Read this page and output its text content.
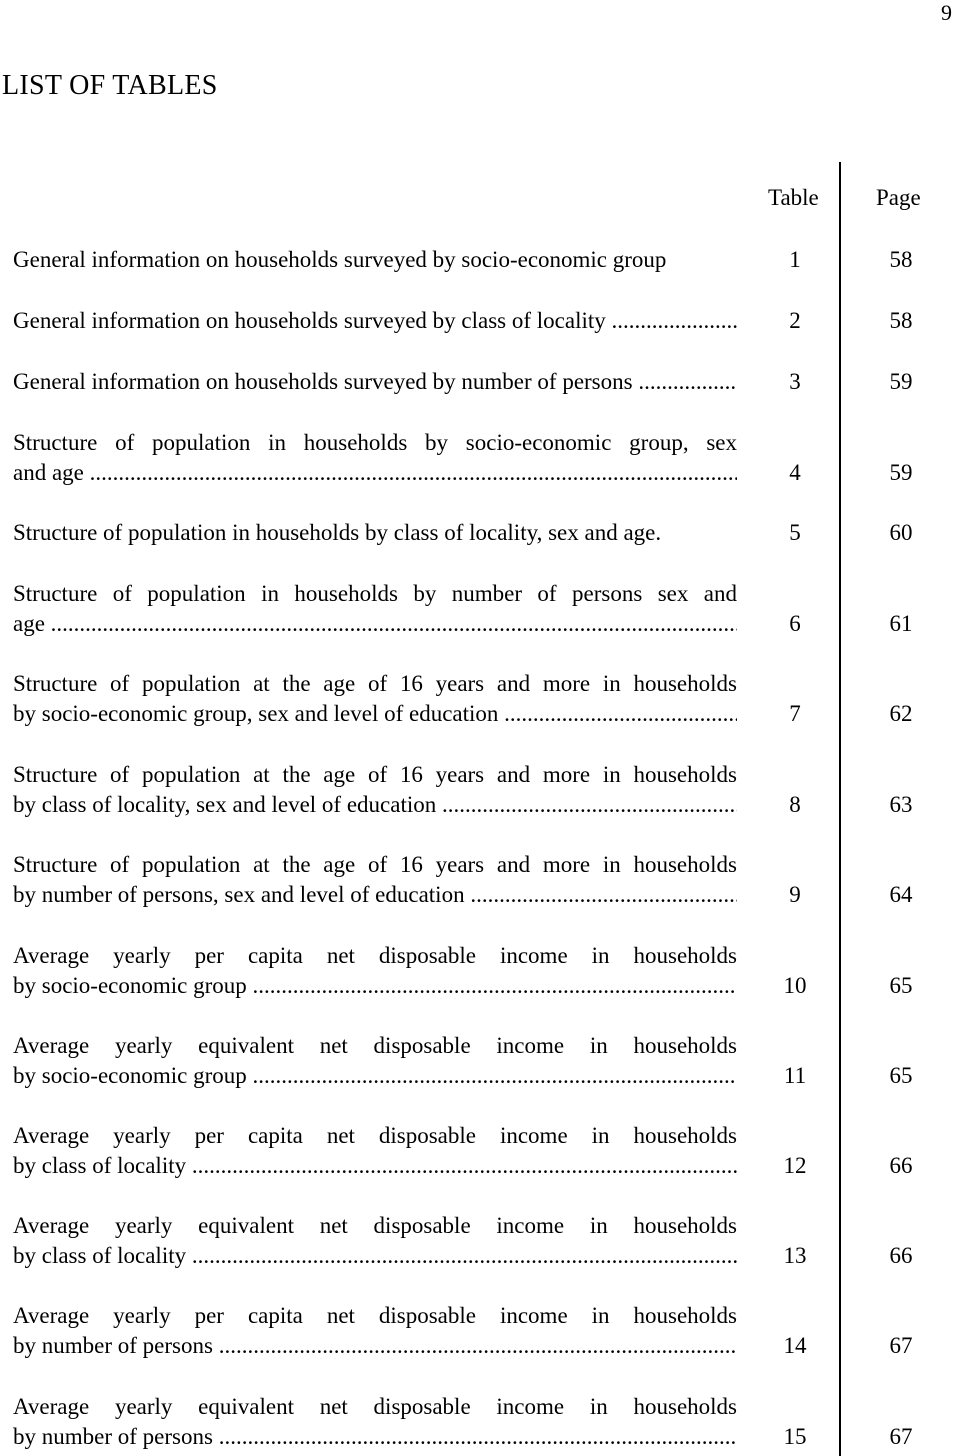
9
LIST OF TABLES
Table Page
General information on households surveyed by socio-economic group	1	58
General information on households surveyed by class of locality .....	2	58
General information on households surveyed by number of persons .....	3	59
Structure of population in households by socio-economic group, sex
and age .....	4	59
Structure of population in households by class of locality, sex and age.	5	60
Structure of population in households by number of persons sex and
age .....	6	61
Structure of population at the age of 16 years and more in households
by socio-economic group, sex and level of education .....	7	62
Structure of population at the age of 16 years and more in households
by class of locality, sex and level of education .....	8	63
Structure of population at the age of 16 years and more in households
by number of persons, sex and level of education .....	9	64
Average yearly per capita net disposable income in households
by socio-economic group .....	10	65
Average yearly equivalent net disposable income in households
by socio-economic group .....	11	65
Average yearly per capita net disposable income in households
by class of locality .....	12	66
Average yearly equivalent net disposable income in households
by class of locality .....	13	66
Average yearly per capita net disposable income in households
by number of persons .....	14	67
Average yearly equivalent net disposable income in households
by number of persons .....	15	67
